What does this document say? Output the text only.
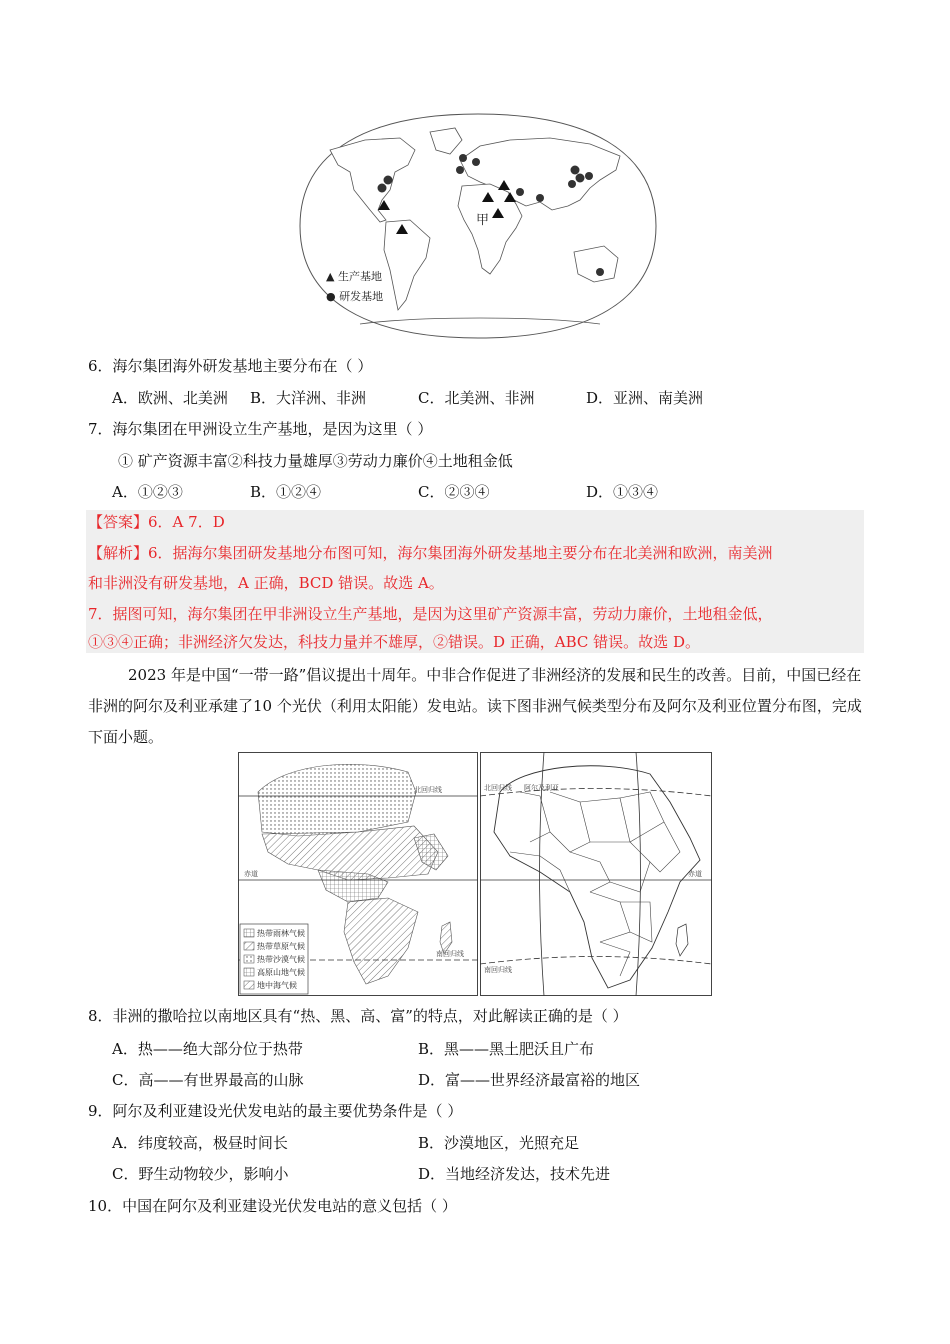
甲
▲ 生产基地
● 研发基地
6．海尔集团海外研发基地主要分布在（ ）
A．欧洲、北美洲 B．大洋洲、非洲	C．北美洲、非洲	D．亚洲、南美洲
7．海尔集团在甲洲设立生产基地，是因为这里（ ）
① 矿产资源丰富②科技力量雄厚③劳动力廉价④土地租金低
A．①②③	B．①②④	C．②③④	D．①③④
【答案】6．A 7．D
【解析】6．据海尔集团研发基地分布图可知，海尔集团海外研发基地主要分布在北美洲和欧洲，南美洲
和非洲没有研发基地，A 正确，BCD 错误。故选 A。
7．据图可知，海尔集团在甲非洲设立生产基地，是因为这里矿产资源丰富，劳动力廉价，土地租金低，
①③④正确；非洲经济欠发达，科技力量并不雄厚，②错误。D 正确，ABC 错误。故选 D。
2023 年是中国“一带一路”倡议提出十周年。中非合作促进了非洲经济的发展和民生的改善。目前，中国已经在非洲的阿尔及利亚承建了10 个光伏（利用太阳能）发电站。读下图非洲气候类型分布及阿尔及利亚位置分布图，完成下面小题。
北回归线
赤道
南回归线
热带雨林气候
热带草原气候
热带沙漠气候
高原山地气候
地中海气候
北回归线 阿尔及利亚
赤道
南回归线
8．非洲的撒哈拉以南地区具有“热、黑、高、富”的特点，对此解读正确的是（ ）
A．热——绝大部分位于热带	B．黑——黑土肥沃且广布
C．高——有世界最高的山脉	D．富——世界经济最富裕的地区
9．阿尔及利亚建设光伏发电站的最主要优势条件是（ ）
A．纬度较高，极昼时间长	B．沙漠地区，光照充足
C．野生动物较少，影响小	D．当地经济发达，技术先进
10．中国在阿尔及利亚建设光伏发电站的意义包括（ ）
